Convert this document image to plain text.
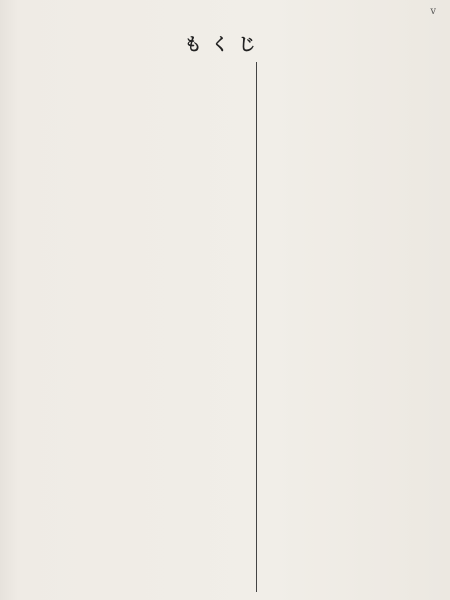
v
もくじ
